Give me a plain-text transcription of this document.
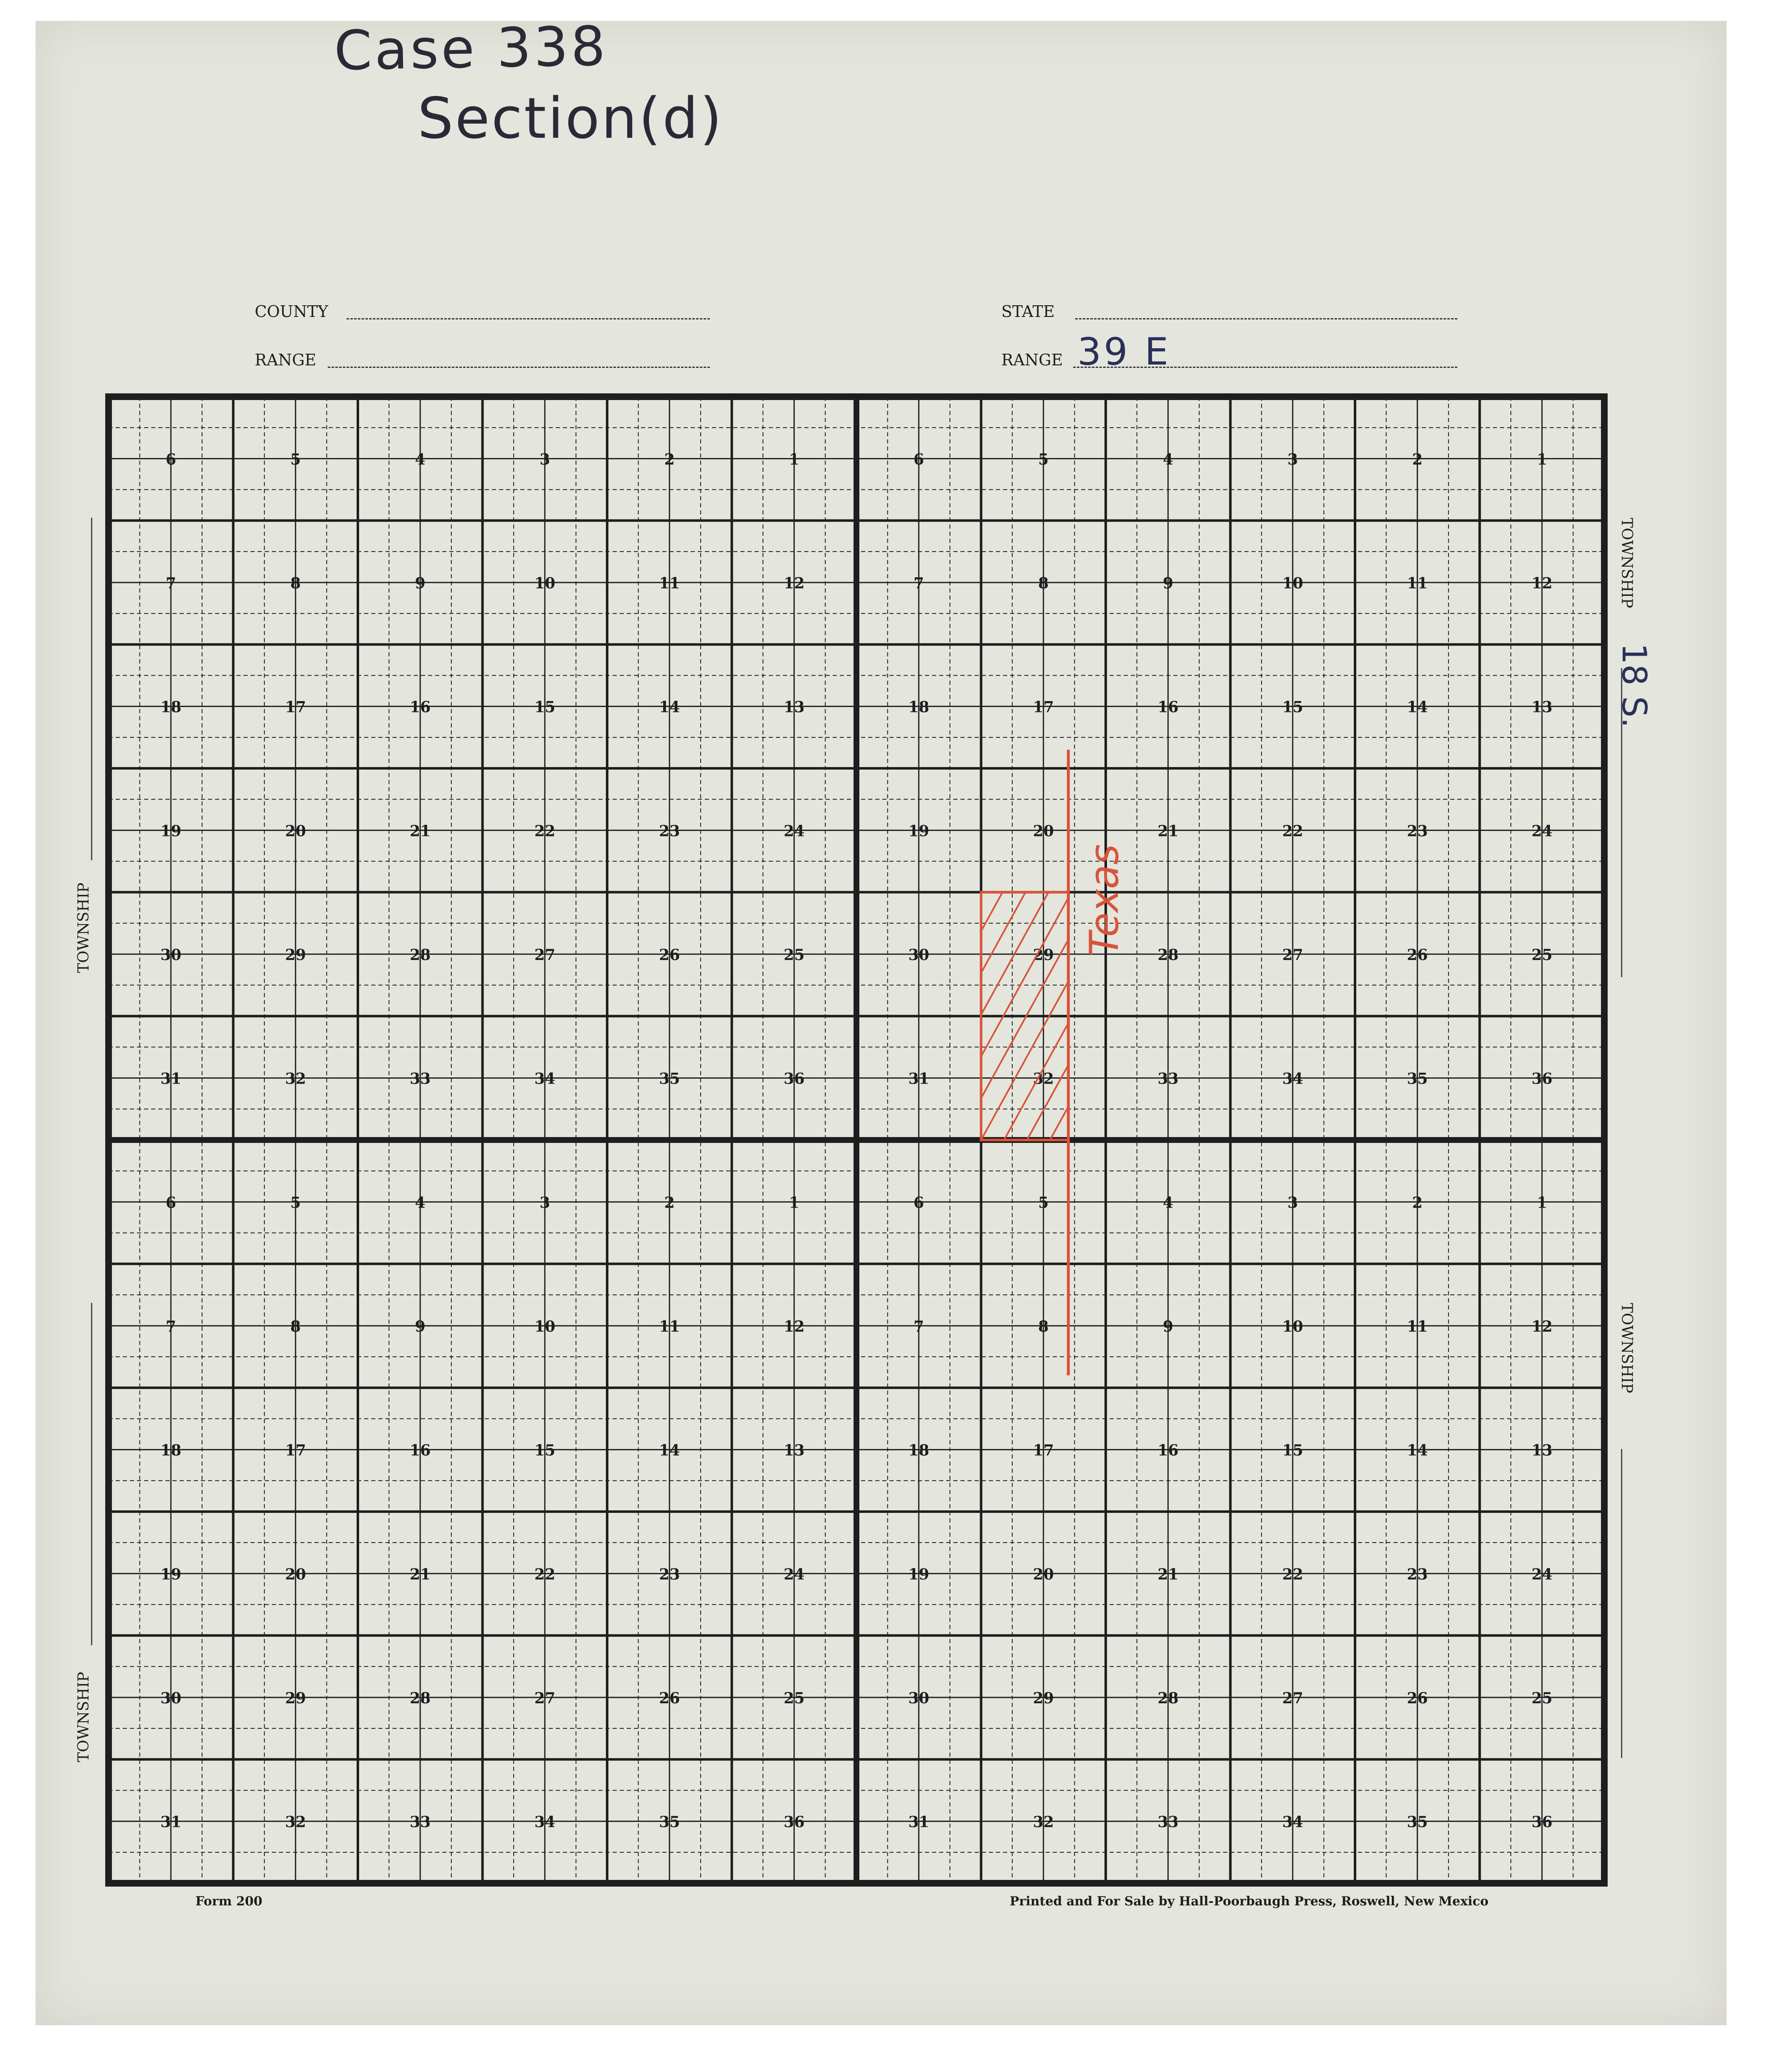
Case 338
Section(d)
COUNTY
RANGE
STATE
RANGE 39 E
TOWNSHIP
TOWNSHIP
TOWNSHIP
18 S.
TOWNSHIP
6	5	4	3	2	1
7	8	9	10	11	12
18	17	16	15	14	13
19	20	21	22	23	24
30	29	28	27	26	25
31	32	33	34	35	36
6	5	4	3	2	1
7	8	9	10	11	12
18	17	16	15	14	13
19	20	21	22	23	24
30	29	28	27	26	25
31	32	33	34	35	36
6	5	4	3	2	1
7	8	9	10	11	12
18	17	16	15	14	13
19	20	21	22	23	24
30	29	28	27	26	25
31	32	33	34	35	36
6	5	4	3	2	1
7	8	9	10	11	12
18	17	16	15	14	13
19	20	21	22	23	24
30	29	28	27	26	25
31	32	33	34	35	36
Texas
Form 200	Printed and For Sale by Hall-Poorbaugh Press, Roswell, New Mexico
